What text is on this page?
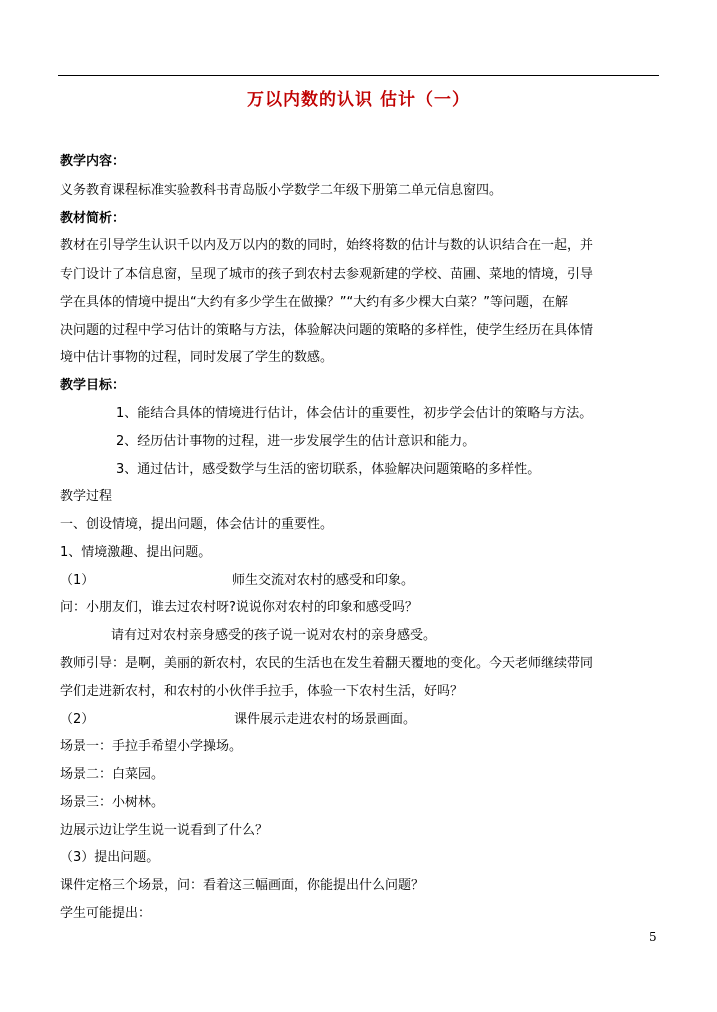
万以内数的认识 估计（一）
教学内容：
义务教育课程标准实验教科书青岛版小学数学二年级下册第二单元信息窗四。
教材简析：
教材在引导学生认识千以内及万以内的数的同时，始终将数的估计与数的认识结合在一起，并
专门设计了本信息窗，呈现了城市的孩子到农村去参观新建的学校、苗圃、菜地的情境，引导
学在具体的情境中提出“大约有多少学生在做操？”“大约有多少棵大白菜？”等问题，在解
决问题的过程中学习估计的策略与方法，体验解决问题的策略的多样性，使学生经历在具体情
境中估计事物的过程，同时发展了学生的数感。
教学目标：
1、能结合具体的情境进行估计，体会估计的重要性，初步学会估计的策略与方法。
2、经历估计事物的过程，进一步发展学生的估计意识和能力。
3、通过估计，感受数学与生活的密切联系，体验解决问题策略的多样性。
教学过程
一、创设情境，提出问题，体会估计的重要性。
1、情境激趣、提出问题。
（1）	师生交流对农村的感受和印象。
问：小朋友们，谁去过农村呀?说说你对农村的印象和感受吗？
请有过对农村亲身感受的孩子说一说对农村的亲身感受。
教师引导：是啊，美丽的新农村，农民的生活也在发生着翻天覆地的变化。今天老师继续带同
学们走进新农村，和农村的小伙伴手拉手，体验一下农村生活，好吗？
（2）	课件展示走进农村的场景画面。
场景一：手拉手希望小学操场。
场景二：白菜园。
场景三：小树林。
边展示边让学生说一说看到了什么？
（3）提出问题。
课件定格三个场景，问：看着这三幅画面，你能提出什么问题？
学生可能提出：
5
